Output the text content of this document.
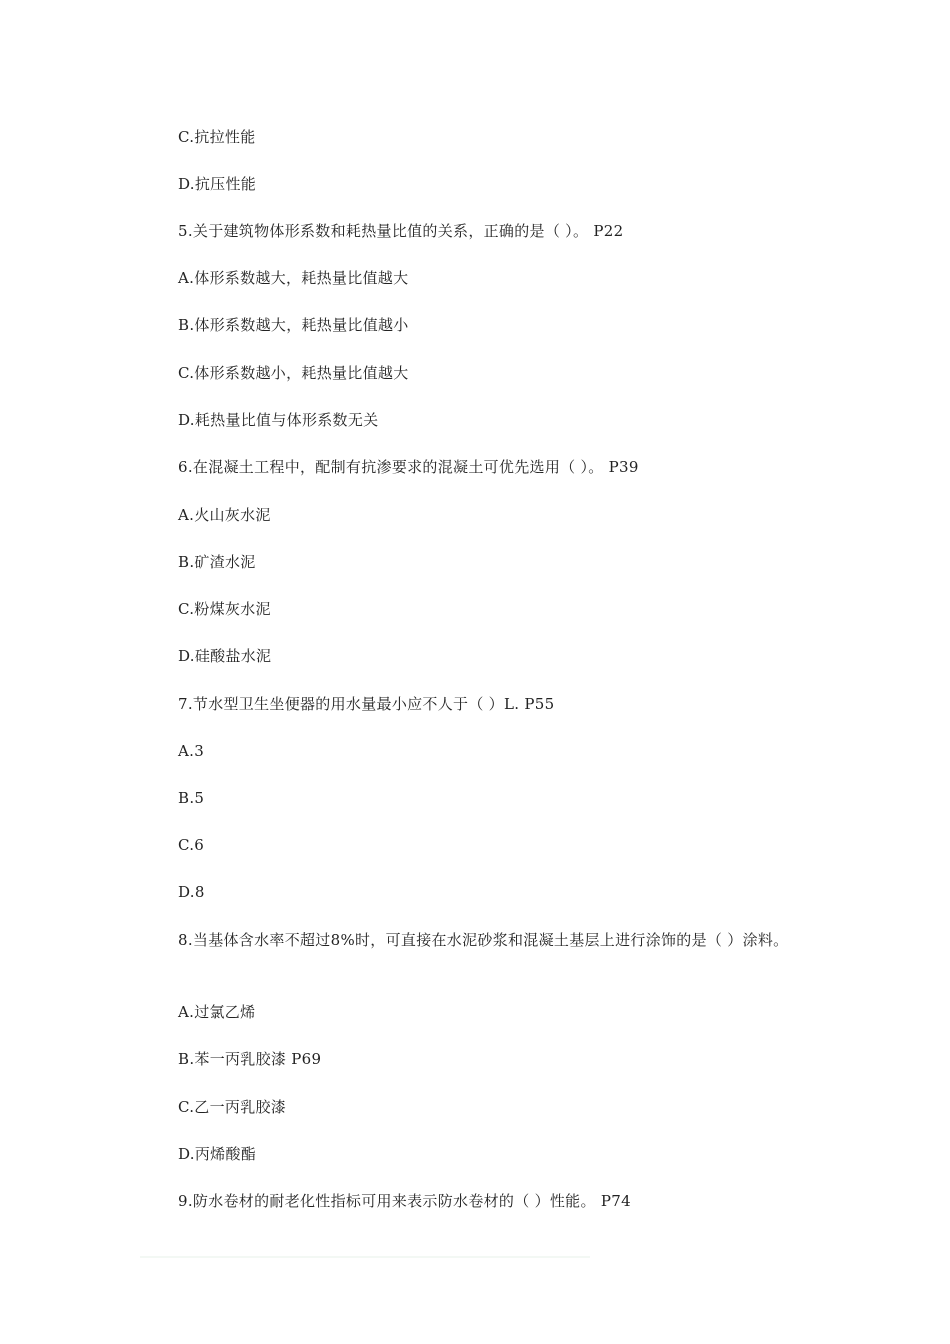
C.抗拉性能
D.抗压性能
5.关于建筑物体形系数和耗热量比值的关系，正确的是（ ）。 P22
A.体形系数越大，耗热量比值越大
B.体形系数越大，耗热量比值越小
C.体形系数越小，耗热量比值越大
D.耗热量比值与体形系数无关
6.在混凝土工程中，配制有抗渗要求的混凝土可优先选用（ ）。 P39
A.火山灰水泥
B.矿渣水泥
C.粉煤灰水泥
D.硅酸盐水泥
7.节水型卫生坐便器的用水量最小应不人于（ ）L. P55
A.3
B.5
C.6
D.8
8.当基体含水率不超过8%时，可直接在水泥砂浆和混凝土基层上进行涂饰的是（ ）涂料。
A.过氯乙烯
B.苯一丙乳胶漆 P69
C.乙一丙乳胶漆
D.丙烯酸酯
9.防水卷材的耐老化性指标可用来表示防水卷材的（ ）性能。 P74
